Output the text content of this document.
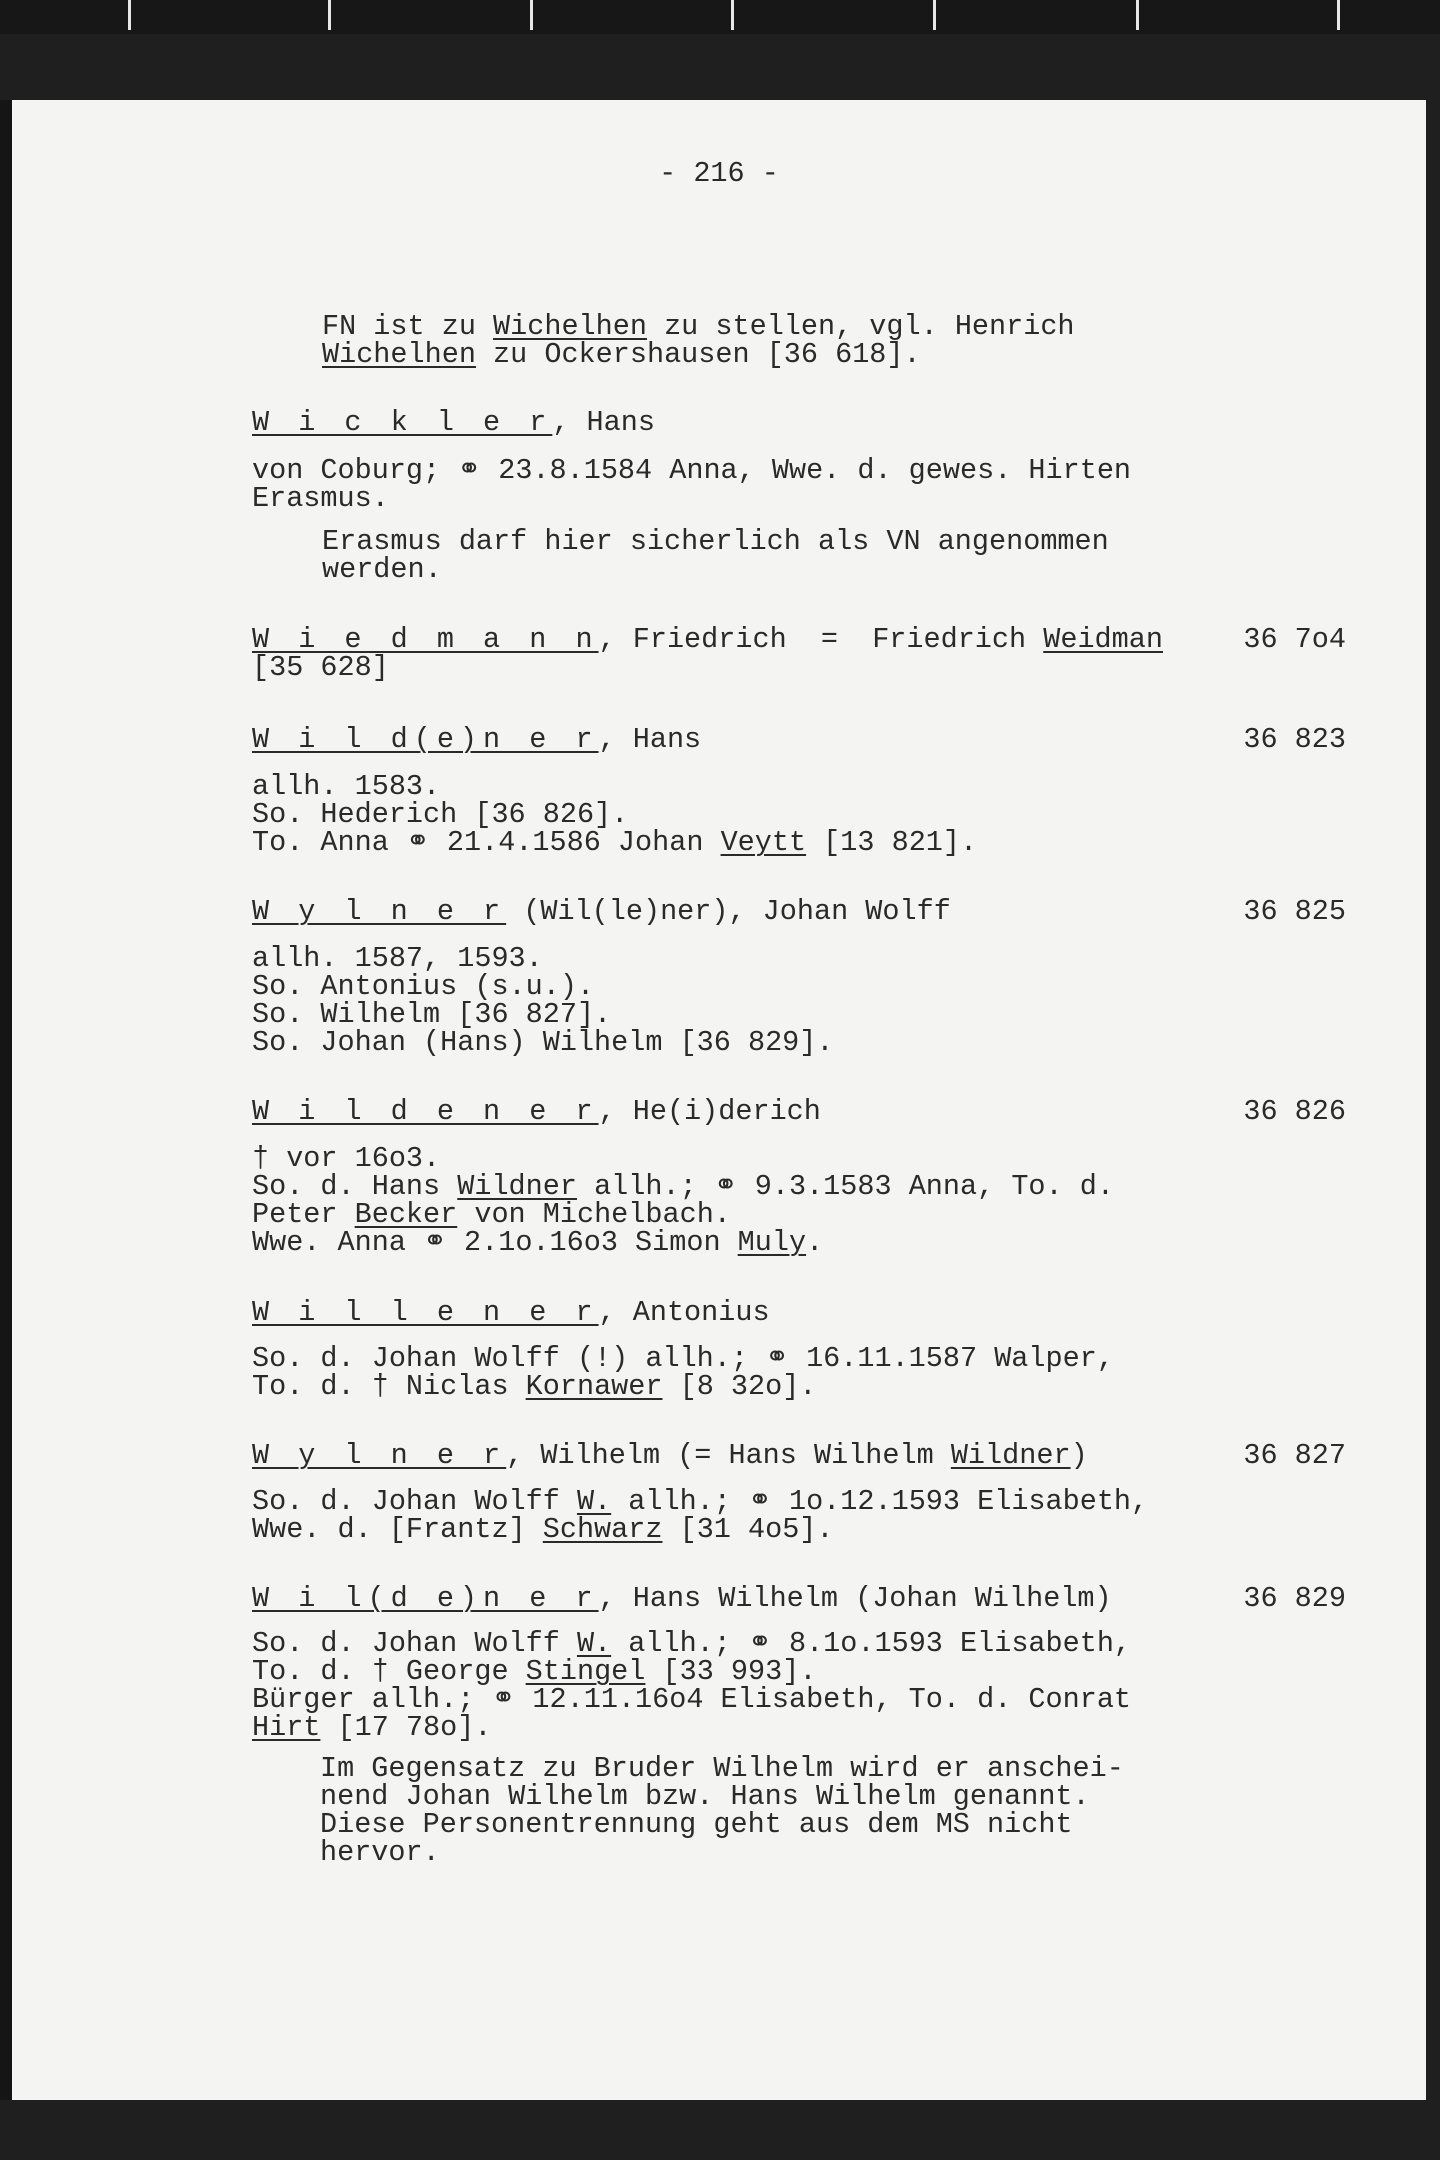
- 216 -
FN ist zu Wichelhen zu stellen, vgl. Henrich
Wichelhen zu Ockershausen [36 618].
W i c k l e r, Hans
von Coburg; ⚭ 23.8.1584 Anna, Wwe. d. gewes. Hirten
Erasmus.
Erasmus darf hier sicherlich als VN angenommen
werden.
W i e d m a n n, Friedrich  =  Friedrich Weidman	36 7o4
[35 628]
W i l d(e)n e r, Hans	36 823
allh. 1583.
So. Hederich [36 826].
To. Anna ⚭ 21.4.1586 Johan Veytt [13 821].
W y l n e r (Wil(le)ner), Johan Wolff	36 825
allh. 1587, 1593.
So. Antonius (s.u.).
So. Wilhelm [36 827].
So. Johan (Hans) Wilhelm [36 829].
W i l d e n e r, He(i)derich	36 826
† vor 16o3.
So. d. Hans Wildner allh.; ⚭ 9.3.1583 Anna, To. d.
Peter Becker von Michelbach.
Wwe. Anna ⚭ 2.1o.16o3 Simon Muly.
W i l l e n e r, Antonius
So. d. Johan Wolff (!) allh.; ⚭ 16.11.1587 Walper,
To. d. † Niclas Kornawer [8 32o].
W y l n e r, Wilhelm (= Hans Wilhelm Wildner)	36 827
So. d. Johan Wolff W. allh.; ⚭ 1o.12.1593 Elisabeth,
Wwe. d. [Frantz] Schwarz [31 4o5].
W i l(d e)n e r, Hans Wilhelm (Johan Wilhelm)	36 829
So. d. Johan Wolff W. allh.; ⚭ 8.1o.1593 Elisabeth,
To. d. † George Stingel [33 993].
Bürger allh.; ⚭ 12.11.16o4 Elisabeth, To. d. Conrat
Hirt [17 78o].
Im Gegensatz zu Bruder Wilhelm wird er anschei-
nend Johan Wilhelm bzw. Hans Wilhelm genannt.
Diese Personentrennung geht aus dem MS nicht
hervor.
